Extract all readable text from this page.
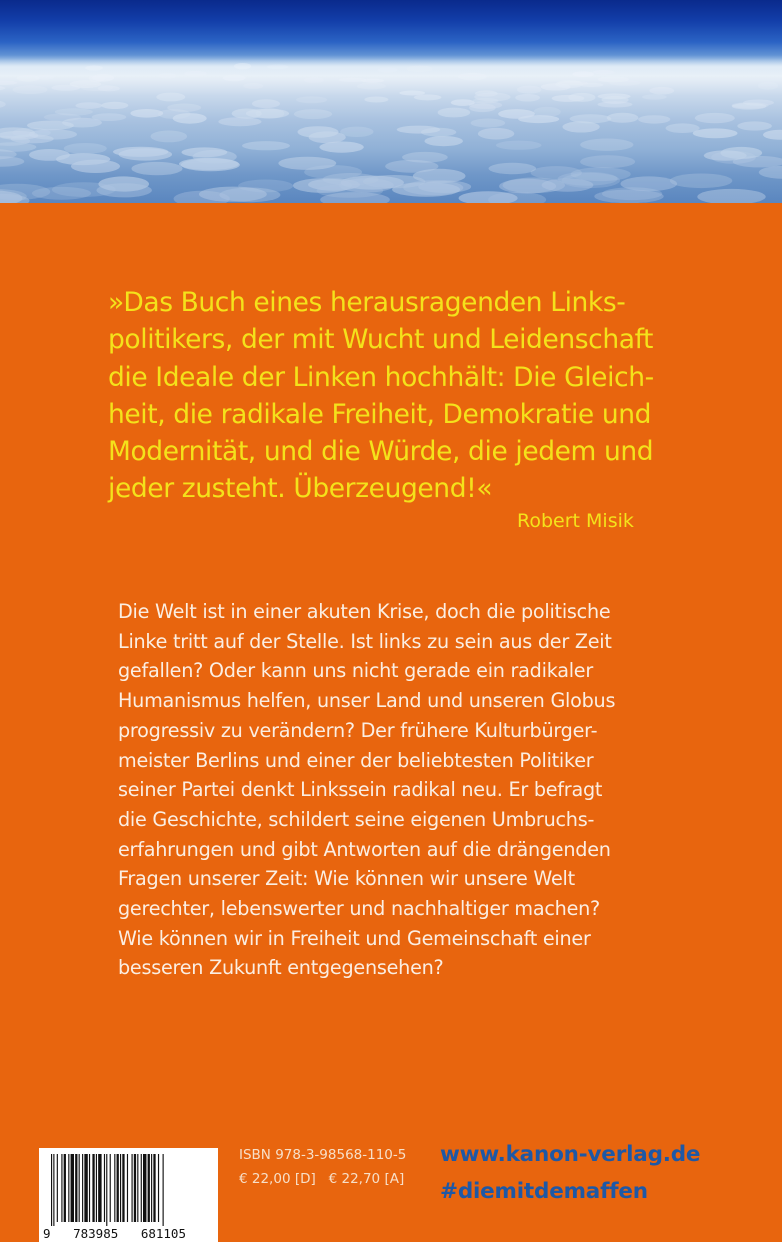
»Das Buch eines herausragenden Links-
politikers, der mit Wucht und Leidenschaft
die Ideale der Linken hochhält: Die Gleich-
heit, die radikale Freiheit, Demokratie und
Modernität, und die Würde, die jedem und
jeder zusteht. Überzeugend!«
Robert Misik
Die Welt ist in einer akuten Krise, doch die politische
Linke tritt auf der Stelle. Ist links zu sein aus der Zeit
gefallen? Oder kann uns nicht gerade ein radikaler
Humanismus helfen, unser Land und unseren Globus
progressiv zu verändern? Der frühere Kulturbürger-
meister Berlins und einer der beliebtesten Politiker
seiner Partei denkt Linkssein radikal neu. Er befragt
die Geschichte, schildert seine eigenen Umbruchs-
erfahrungen und gibt Antworten auf die drängenden
Fragen unserer Zeit: Wie können wir unsere Welt
gerechter, lebenswerter und nachhaltiger machen?
Wie können wir in Freiheit und Gemeinschaft einer
besseren Zukunft entgegensehen?
9   783985   681105
ISBN 978-3-98568-110-5
€ 22,00 [D]   € 22,70 [A]
www.kanon-verlag.de
#diemitdemaffen
